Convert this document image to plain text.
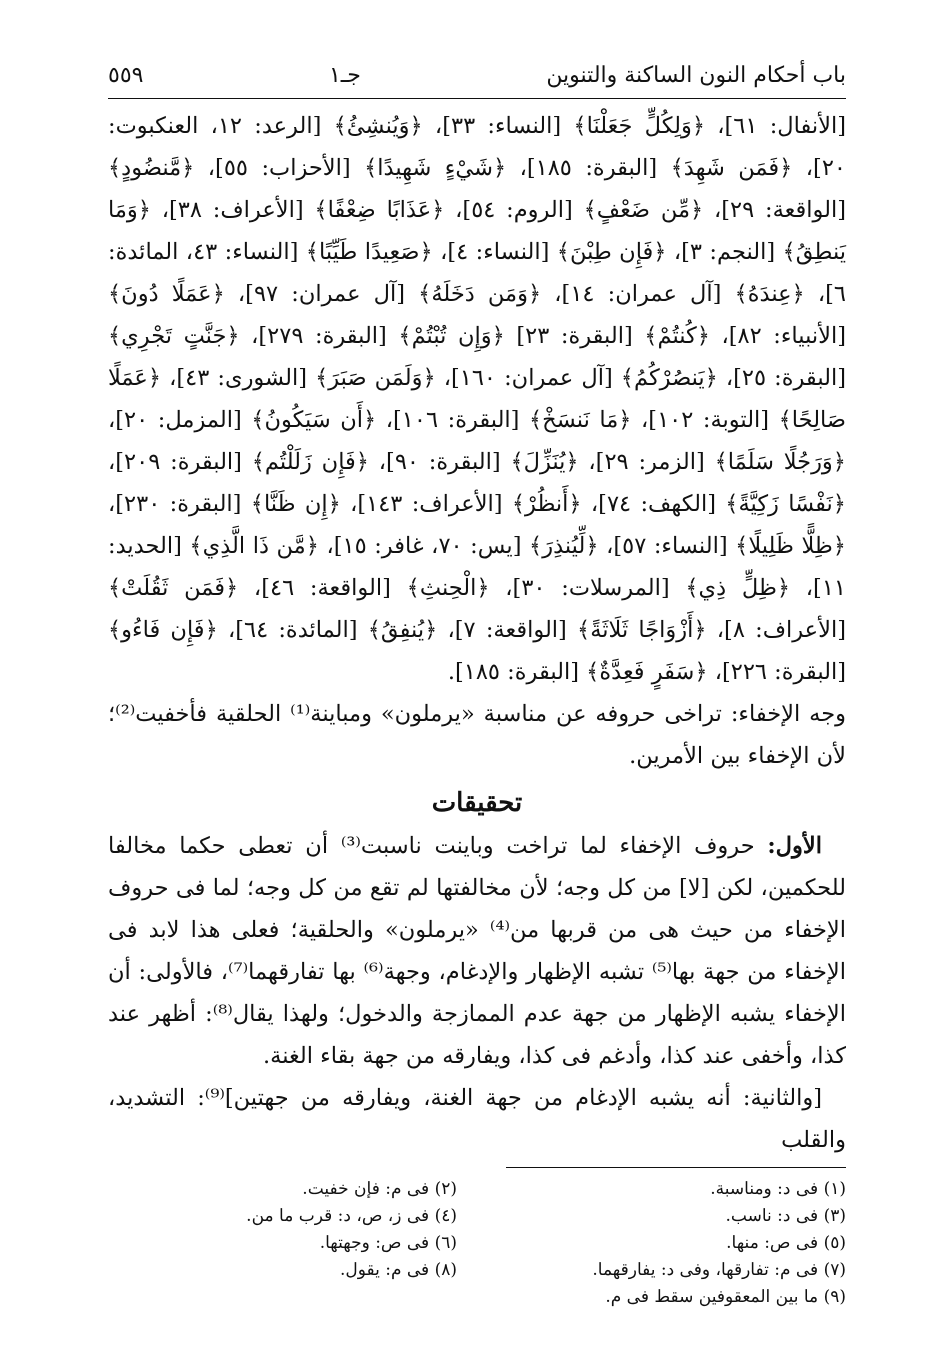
باب أحكام النون الساكنة والتنوين
جـ١
٥٥٩

[الأنفال: ٦١]، ﴿وَلِكُلٍّ جَعَلْنَا﴾ [النساء: ٣٣]، ﴿وَيُنشِئُ﴾ [الرعد: ١٢، العنكبوت: ٢٠]، ﴿فَمَن شَهِدَ﴾ [البقرة: ١٨٥]، ﴿شَيْءٍ شَهِيدًا﴾ [الأحزاب: ٥٥]، ﴿مَّنضُودٍ﴾ [الواقعة: ٢٩]، ﴿مِّن ضَعْفٍ﴾ [الروم: ٥٤]، ﴿عَذَابًا ضِعْفًا﴾ [الأعراف: ٣٨]، ﴿وَمَا يَنطِقُ﴾ [النجم: ٣]، ﴿فَإِن طِبْنَ﴾ [النساء: ٤]، ﴿صَعِيدًا طَيِّبًا﴾ [النساء: ٤٣، المائدة: ٦]، ﴿عِندَهُ﴾ [آل عمران: ١٤]، ﴿وَمَن دَخَلَهُ﴾ [آل عمران: ٩٧]، ﴿عَمَلًا دُونَ﴾ [الأنبياء: ٨٢]، ﴿كُنتُمْ﴾ [البقرة: ٢٣] ﴿وَإِن تُبْتُمْ﴾ [البقرة: ٢٧٩]، ﴿جَنَّتٍ تَجْرِي﴾ [البقرة: ٢٥]، ﴿يَنصُرْكُمُ﴾ [آل عمران: ١٦٠]، ﴿وَلَمَن صَبَرَ﴾ [الشورى: ٤٣]، ﴿عَمَلًا صَالِحًا﴾ [التوبة: ١٠٢]، ﴿مَا نَنسَخْ﴾ [البقرة: ١٠٦]، ﴿أَن سَيَكُونُ﴾ [المزمل: ٢٠]، ﴿وَرَجُلًا سَلَمًا﴾ [الزمر: ٢٩]، ﴿يُنَزِّلَ﴾ [البقرة: ٩٠]، ﴿فَإِن زَلَلْتُم﴾ [البقرة: ٢٠٩]، ﴿نَفْسًا زَكِيَّةً﴾ [الكهف: ٧٤]، ﴿أَنظُرْ﴾ [الأعراف: ١٤٣]، ﴿إِن ظَنَّا﴾ [البقرة: ٢٣٠]، ﴿ظِلًّا ظَلِيلًا﴾ [النساء: ٥٧]، ﴿لِّيُنذِرَ﴾ [يس: ٧٠، غافر: ١٥]، ﴿مَّن ذَا الَّذِي﴾ [الحديد: ١١]، ﴿ظِلٍّ ذِي﴾ [المرسلات: ٣٠]، ﴿الْحِنثِ﴾ [الواقعة: ٤٦]، ﴿فَمَن ثَقُلَتْ﴾ [الأعراف: ٨]، ﴿أَزْوَاجًا ثَلَاثَةً﴾ [الواقعة: ٧]، ﴿يُنفِقُ﴾ [المائدة: ٦٤]، ﴿فَإِن فَاءُو﴾ [البقرة: ٢٢٦]، ﴿سَفَرٍ فَعِدَّةٌ﴾ [البقرة: ١٨٥].

وجه الإخفاء: تراخى حروفه عن مناسبة «يرملون» ومباينة⁽¹⁾ الحلقية فأخفيت⁽²⁾؛ لأن الإخفاء بين الأمرين.

تحقيقات

الأول: حروف الإخفاء لما تراخت وباينت ناسبت⁽³⁾ أن تعطى حكما مخالفا للحكمين، لكن [لا] من كل وجه؛ لأن مخالفتها لم تقع من كل وجه؛ لما فى حروف الإخفاء من حيث هى من قربها من⁽⁴⁾ «يرملون» والحلقية؛ فعلى هذا لابد فى الإخفاء من جهة بها⁽⁵⁾ تشبه الإظهار والإدغام، وجهة⁽⁶⁾ بها تفارقهما⁽⁷⁾، فالأولى: أن الإخفاء يشبه الإظهار من جهة عدم الممازجة والدخول؛ ولهذا يقال⁽⁸⁾: أظهر عند كذا، وأخفى عند كذا، وأدغم فى كذا، ويفارقه من جهة بقاء الغنة.

[والثانية: أنه يشبه الإدغام من جهة الغنة، ويفارقه من جهتين]⁽⁹⁾: التشديد، والقلب

(١) فى د: ومناسبة.
(٢) فى م: فإن خفيت.
(٣) فى د: ناسب.
(٤) فى ز، ص، د: قرب ما من.
(٥) فى ص: منها.
(٦) فى ص: وجهتها.
(٧) فى م: تفارقها، وفى د: يفارقهما.
(٨) فى م: يقول.
(٩) ما بين المعقوفين سقط فى م.
